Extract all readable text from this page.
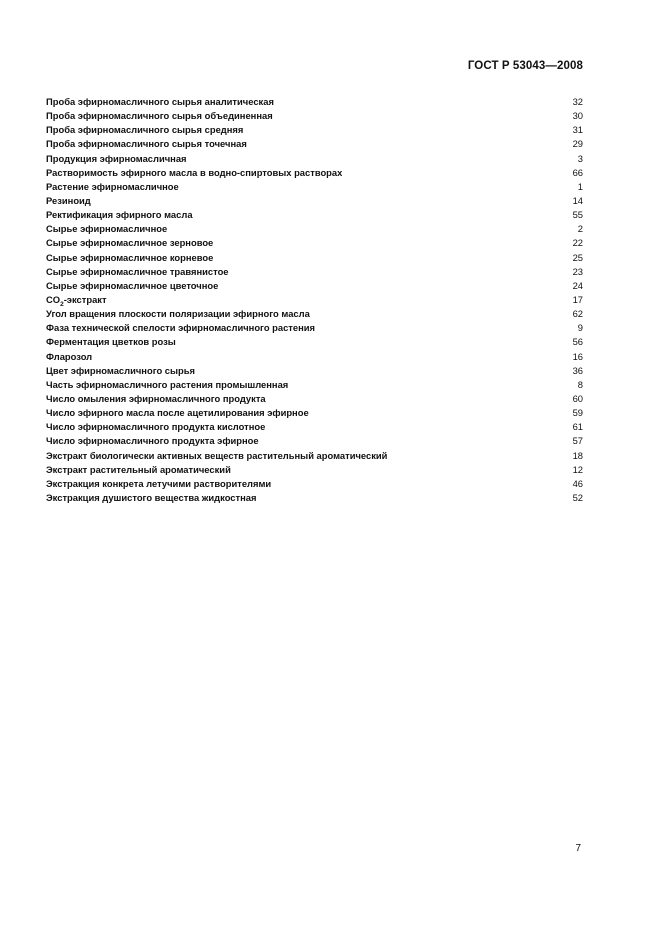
ГОСТ Р 53043—2008
Проба эфирномасличного сырья аналитическая	32
Проба эфирномасличного сырья объединенная	30
Проба эфирномасличного сырья средняя	31
Проба эфирномасличного сырья точечная	29
Продукция эфирномасличная	3
Растворимость эфирного масла в водно-спиртовых растворах	66
Растение эфирномасличное	1
Резиноид	14
Ректификация эфирного масла	55
Сырье эфирномасличное	2
Сырье эфирномасличное зерновое	22
Сырье эфирномасличное корневое	25
Сырье эфирномасличное травянистое	23
Сырье эфирномасличное цветочное	24
$CO_2$-экстракт	17
Угол вращения плоскости поляризации эфирного масла	62
Фаза технической спелости эфирномасличного растения	9
Ферментация цветков розы	56
Фларозол	16
Цвет эфирномасличного сырья	36
Часть эфирномасличного растения промышленная	8
Число омыления эфирномасличного продукта	60
Число эфирного масла после ацетилирования эфирное	59
Число эфирномасличного продукта кислотное	61
Число эфирномасличного продукта эфирное	57
Экстракт биологически активных веществ растительный ароматический	18
Экстракт растительный ароматический	12
Экстракция конкрета летучими растворителями	46
Экстракция душистого вещества жидкостная	52
7
